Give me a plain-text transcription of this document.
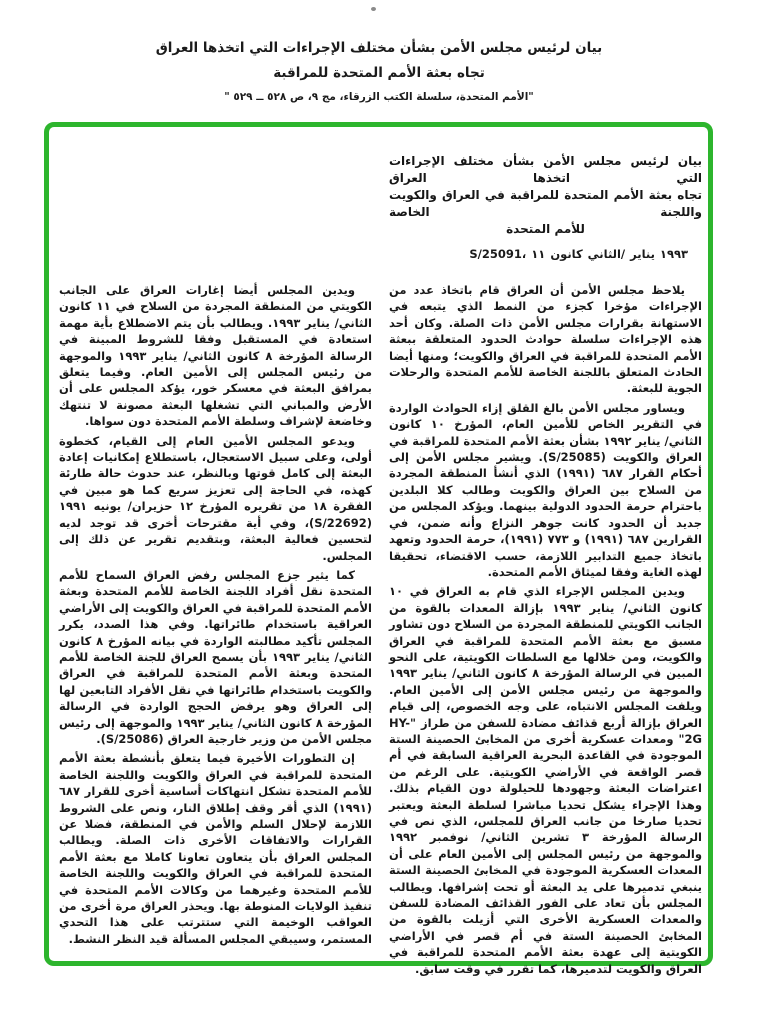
بيان لرئيس مجلس الأمن بشأن مختلف الإجراءات التي اتخذها العراق
تجاه بعثة الأمم المتحدة للمراقبة
"الأمم المتحدة، سلسلة الكتب الزرقاء، مج ٩، ص ٥٢٨ ــ ٥٢٩ "
بيان لرئيس مجلس الأمن بشأن مختلف الإجراءات التي اتخذها العراق
تجاه بعثة الأمم المتحدة للمراقبة في العراق والكويت واللجنة الخاصة
للأمم المتحدة
S/25091، ١١ كانون الثاني/ يناير ١٩٩٣

يلاحظ مجلس الأمن أن العراق قام باتخاذ عدد من الإجراءات مؤخرا كجزء من النمط الذي يتبعه في الاستهانة بقرارات مجلس الأمن ذات الصلة. وكان أحد هذه الإجراءات سلسلة حوادث الحدود المتعلقة ببعثة الأمم المتحدة للمراقبة في العراق والكويت؛ ومنها أيضا الحادث المتعلق باللجنة الخاصة للأمم المتحدة والرحلات الجوية للبعثة.

ويساور مجلس الأمن بالغ القلق إزاء الحوادث الواردة في التقرير الخاص للأمين العام، المؤرخ ١٠ كانون الثاني/ يناير ١٩٩٢ بشأن بعثة الأمم المتحدة للمراقبة في العراق والكويت (S/25085). ويشير مجلس الأمن إلى أحكام القرار ٦٨٧ (١٩٩١) الذي أنشأ المنطقة المجردة من السلاح بين العراق والكويت وطالب كلا البلدين باحترام حرمة الحدود الدولية بينهما. ويؤكد المجلس من جديد أن الحدود كانت جوهر النزاع وأنه ضمن، في القرارين ٦٨٧ (١٩٩١) و ٧٧٣ (١٩٩١)، حرمة الحدود وتعهد باتخاذ جميع التدابير اللازمة، حسب الاقتضاء، تحقيقا لهذه الغاية وفقا لميثاق الأمم المتحدة.

ويدين المجلس الإجراء الذي قام به العراق في ١٠ كانون الثاني/ يناير ١٩٩٣ بإزالة المعدات بالقوة من الجانب الكويتي للمنطقة المجردة من السلاح دون تشاور مسبق مع بعثة الأمم المتحدة للمراقبة في العراق والكويت، ومن خلالها مع السلطات الكويتية، على النحو المبين في الرسالة المؤرخة ٨ كانون الثاني/ يناير ١٩٩٣ والموجهة من رئيس مجلس الأمن إلى الأمين العام. ويلفت المجلس الانتباه، على وجه الخصوص، إلى قيام العراق بإزالة أربع قذائف مضادة للسفن من طراز "HY-2G" ومعدات عسكرية أخرى من المخابئ الحصينة الستة الموجودة في القاعدة البحرية العراقية السابقة في أم قصر الواقعة في الأراضي الكويتية. على الرغم من اعتراضات البعثة وجهودها للحيلولة دون القيام بذلك. وهذا الإجراء يشكل تحديا مباشرا لسلطة البعثة ويعتبر تحديا صارخا من جانب العراق للمجلس، الذي نص في الرسالة المؤرخة ٣ تشرين الثاني/ نوفمبر ١٩٩٢ والموجهة من رئيس المجلس إلى الأمين العام على أن المعدات العسكرية الموجودة في المخابئ الحصينة الستة ينبغي تدميرها على يد البعثة أو تحت إشرافها. ويطالب المجلس بأن تعاد على الفور القذائف المضادة للسفن والمعدات العسكرية الأخرى التي أزيلت بالقوة من المخابئ الحصينة الستة في أم قصر في الأراضي الكويتية إلى عهدة بعثة الأمم المتحدة للمراقبة في العراق والكويت لتدميرها، كما تقرر في وقت سابق.

ويدين المجلس أيضا إغارات العراق على الجانب الكويتي من المنطقة المجردة من السلاح في ١١ كانون الثاني/ يناير ١٩٩٣. ويطالب بأن يتم الاضطلاع بأية مهمة استعادة في المستقبل وفقا للشروط المبينة في الرسالة المؤرخة ٨ كانون الثاني/ يناير ١٩٩٣ والموجهة من رئيس المجلس إلى الأمين العام. وفيما يتعلق بمرافق البعثة في معسكر خور، يؤكد المجلس على أن الأرض والمباني التي تشغلها البعثة مصونة لا تنتهك وخاضعة لإشراف وسلطة الأمم المتحدة دون سواها.

ويدعو المجلس الأمين العام إلى القيام، كخطوة أولى، وعلى سبيل الاستعجال، باستطلاع إمكانيات إعادة البعثة إلى كامل قوتها وبالنظر، عند حدوث حالة طارئة كهذه، في الحاجة إلى تعزيز سريع كما هو مبين في الفقرة ١٨ من تقريره المؤرخ ١٢ حزيران/ يونيه ١٩٩١ (S/22692)، وفي أية مقترحات أخرى قد توجد لديه لتحسين فعالية البعثة، وبتقديم تقرير عن ذلك إلى المجلس.

كما يثير جزع المجلس رفض العراق السماح للأمم المتحدة نقل أفراد اللجنة الخاصة للأمم المتحدة وبعثة الأمم المتحدة للمراقبة في العراق والكويت إلى الأراضي العراقية باستخدام طائراتها. وفي هذا الصدد، يكرر المجلس تأكيد مطالبته الواردة في بيانه المؤرخ ٨ كانون الثاني/ يناير ١٩٩٣ بأن يسمح العراق للجنة الخاصة للأمم المتحدة وبعثة الأمم المتحدة للمراقبة في العراق والكويت باستخدام طائراتها في نقل الأفراد التابعين لها إلى العراق وهو يرفض الحجج الواردة في الرسالة المؤرخة ٨ كانون الثاني/ يناير ١٩٩٣ والموجهة إلى رئيس مجلس الأمن من وزير خارجية العراق (S/25086).

إن التطورات الأخيرة فيما يتعلق بأنشطة بعثة الأمم المتحدة للمراقبة في العراق والكويت واللجنة الخاصة للأمم المتحدة تشكل انتهاكات أساسية أخرى للقرار ٦٨٧ (١٩٩١) الذي أقر وقف إطلاق النار، ونص على الشروط اللازمة لإحلال السلم والأمن في المنطقة، فضلا عن القرارات والاتفاقات الأخرى ذات الصلة. ويطالب المجلس العراق بأن يتعاون تعاونا كاملا مع بعثة الأمم المتحدة للمراقبة في العراق والكويت واللجنة الخاصة للأمم المتحدة وغيرهما من وكالات الأمم المتحدة في تنفيذ الولايات المنوطة بها. ويحذر العراق مرة أخرى من العواقب الوخيمة التي ستترتب على هذا التحدي المستمر، وسيبقي المجلس المسألة قيد النظر النشط.
